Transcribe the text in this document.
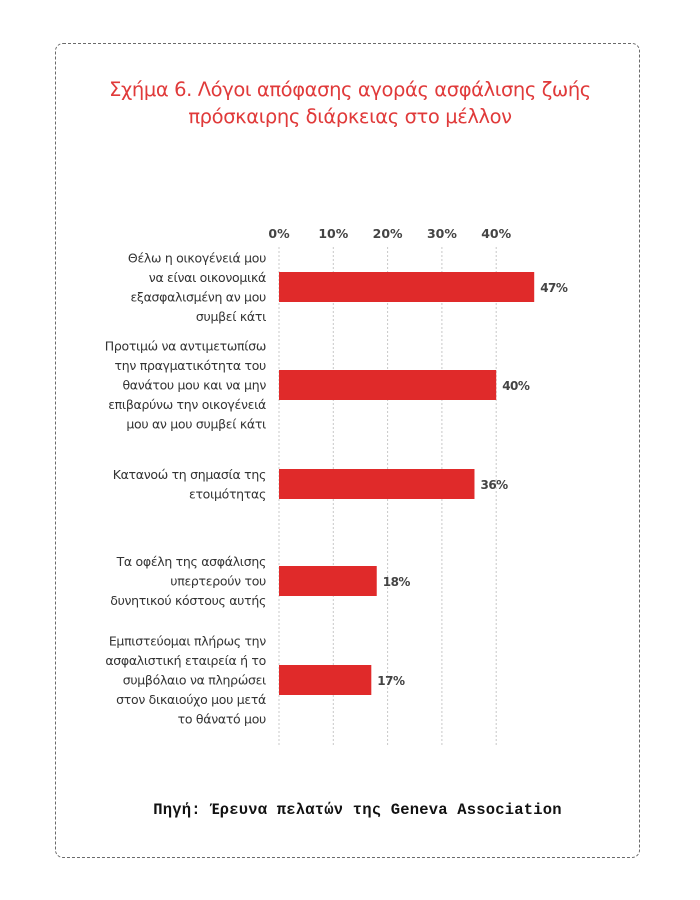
Σχήμα 6. Λόγοι απόφασης αγοράς ασφάλισης ζωής
πρόσκαιρης διάρκειας στο μέλλον
0% 10% 20% 30% 40%
47%
Θέλω η οικογένειά μου
να είναι οικονομικά
εξασφαλισμένη αν μου
συμβεί κάτι
40%
Προτιμώ να αντιμετωπίσω
την πραγματικότητα του
θανάτου μου και να μην
επιβαρύνω την οικογένειά
μου αν μου συμβεί κάτι
36%
Κατανοώ τη σημασία της
ετοιμότητας
18%
Τα οφέλη της ασφάλισης
υπερτερούν του
δυνητικού κόστους αυτής
17%
Εμπιστεύομαι πλήρως την
ασφαλιστική εταιρεία ή το
συμβόλαιο να πληρώσει
στον δικαιούχο μου μετά
το θάνατό μου
Πηγή: Έρευνα πελατών της Geneva Association
